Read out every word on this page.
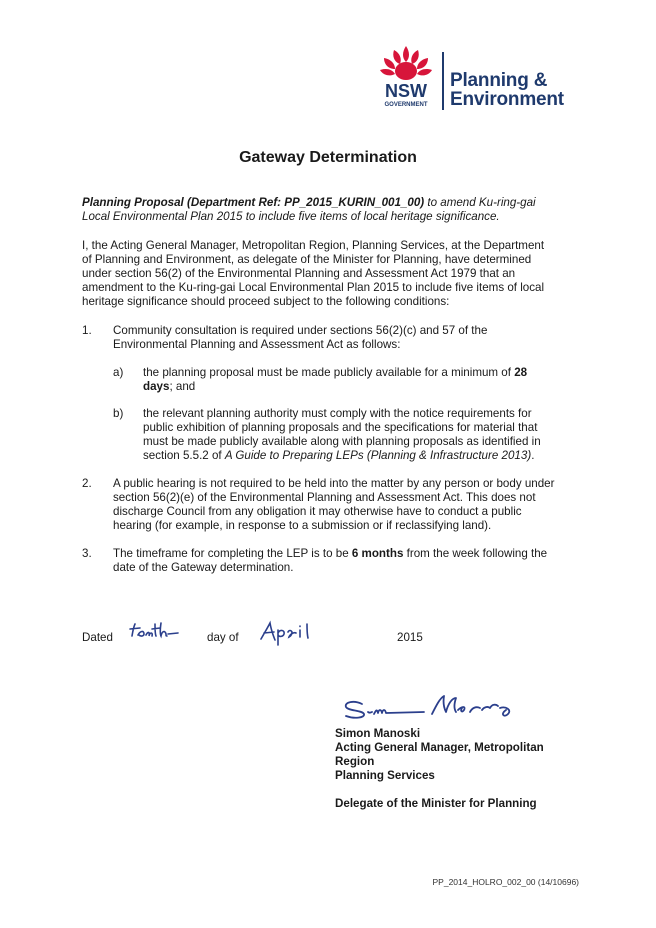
NSW
GOVERNMENT
Planning &
Environment
Gateway Determination
Planning Proposal (Department Ref: PP_2015_KURIN_001_00) to amend Ku-ring-gai
Local Environmental Plan 2015 to include five items of local heritage significance.
I, the Acting General Manager, Metropolitan Region, Planning Services, at the Department
of Planning and Environment, as delegate of the Minister for Planning, have determined
under section 56(2) of the Environmental Planning and Assessment Act 1979 that an
amendment to the Ku-ring-gai Local Environmental Plan 2015 to include five items of local
heritage significance should proceed subject to the following conditions:
1. Community consultation is required under sections 56(2)(c) and 57 of the
Environmental Planning and Assessment Act as follows:
a) the planning proposal must be made publicly available for a minimum of 28
days; and
b) the relevant planning authority must comply with the notice requirements for
public exhibition of planning proposals and the specifications for material that
must be made publicly available along with planning proposals as identified in
section 5.5.2 of A Guide to Preparing LEPs (Planning & Infrastructure 2013).
2. A public hearing is not required to be held into the matter by any person or body under
section 56(2)(e) of the Environmental Planning and Assessment Act. This does not
discharge Council from any obligation it may otherwise have to conduct a public
hearing (for example, in response to a submission or if reclassifying land).
3. The timeframe for completing the LEP is to be 6 months from the week following the
date of the Gateway determination.
Dated	day of	2015
Simon Manoski
Acting General Manager, Metropolitan
Region
Planning Services
Delegate of the Minister for Planning
PP_2014_HOLRO_002_00 (14/10696)
